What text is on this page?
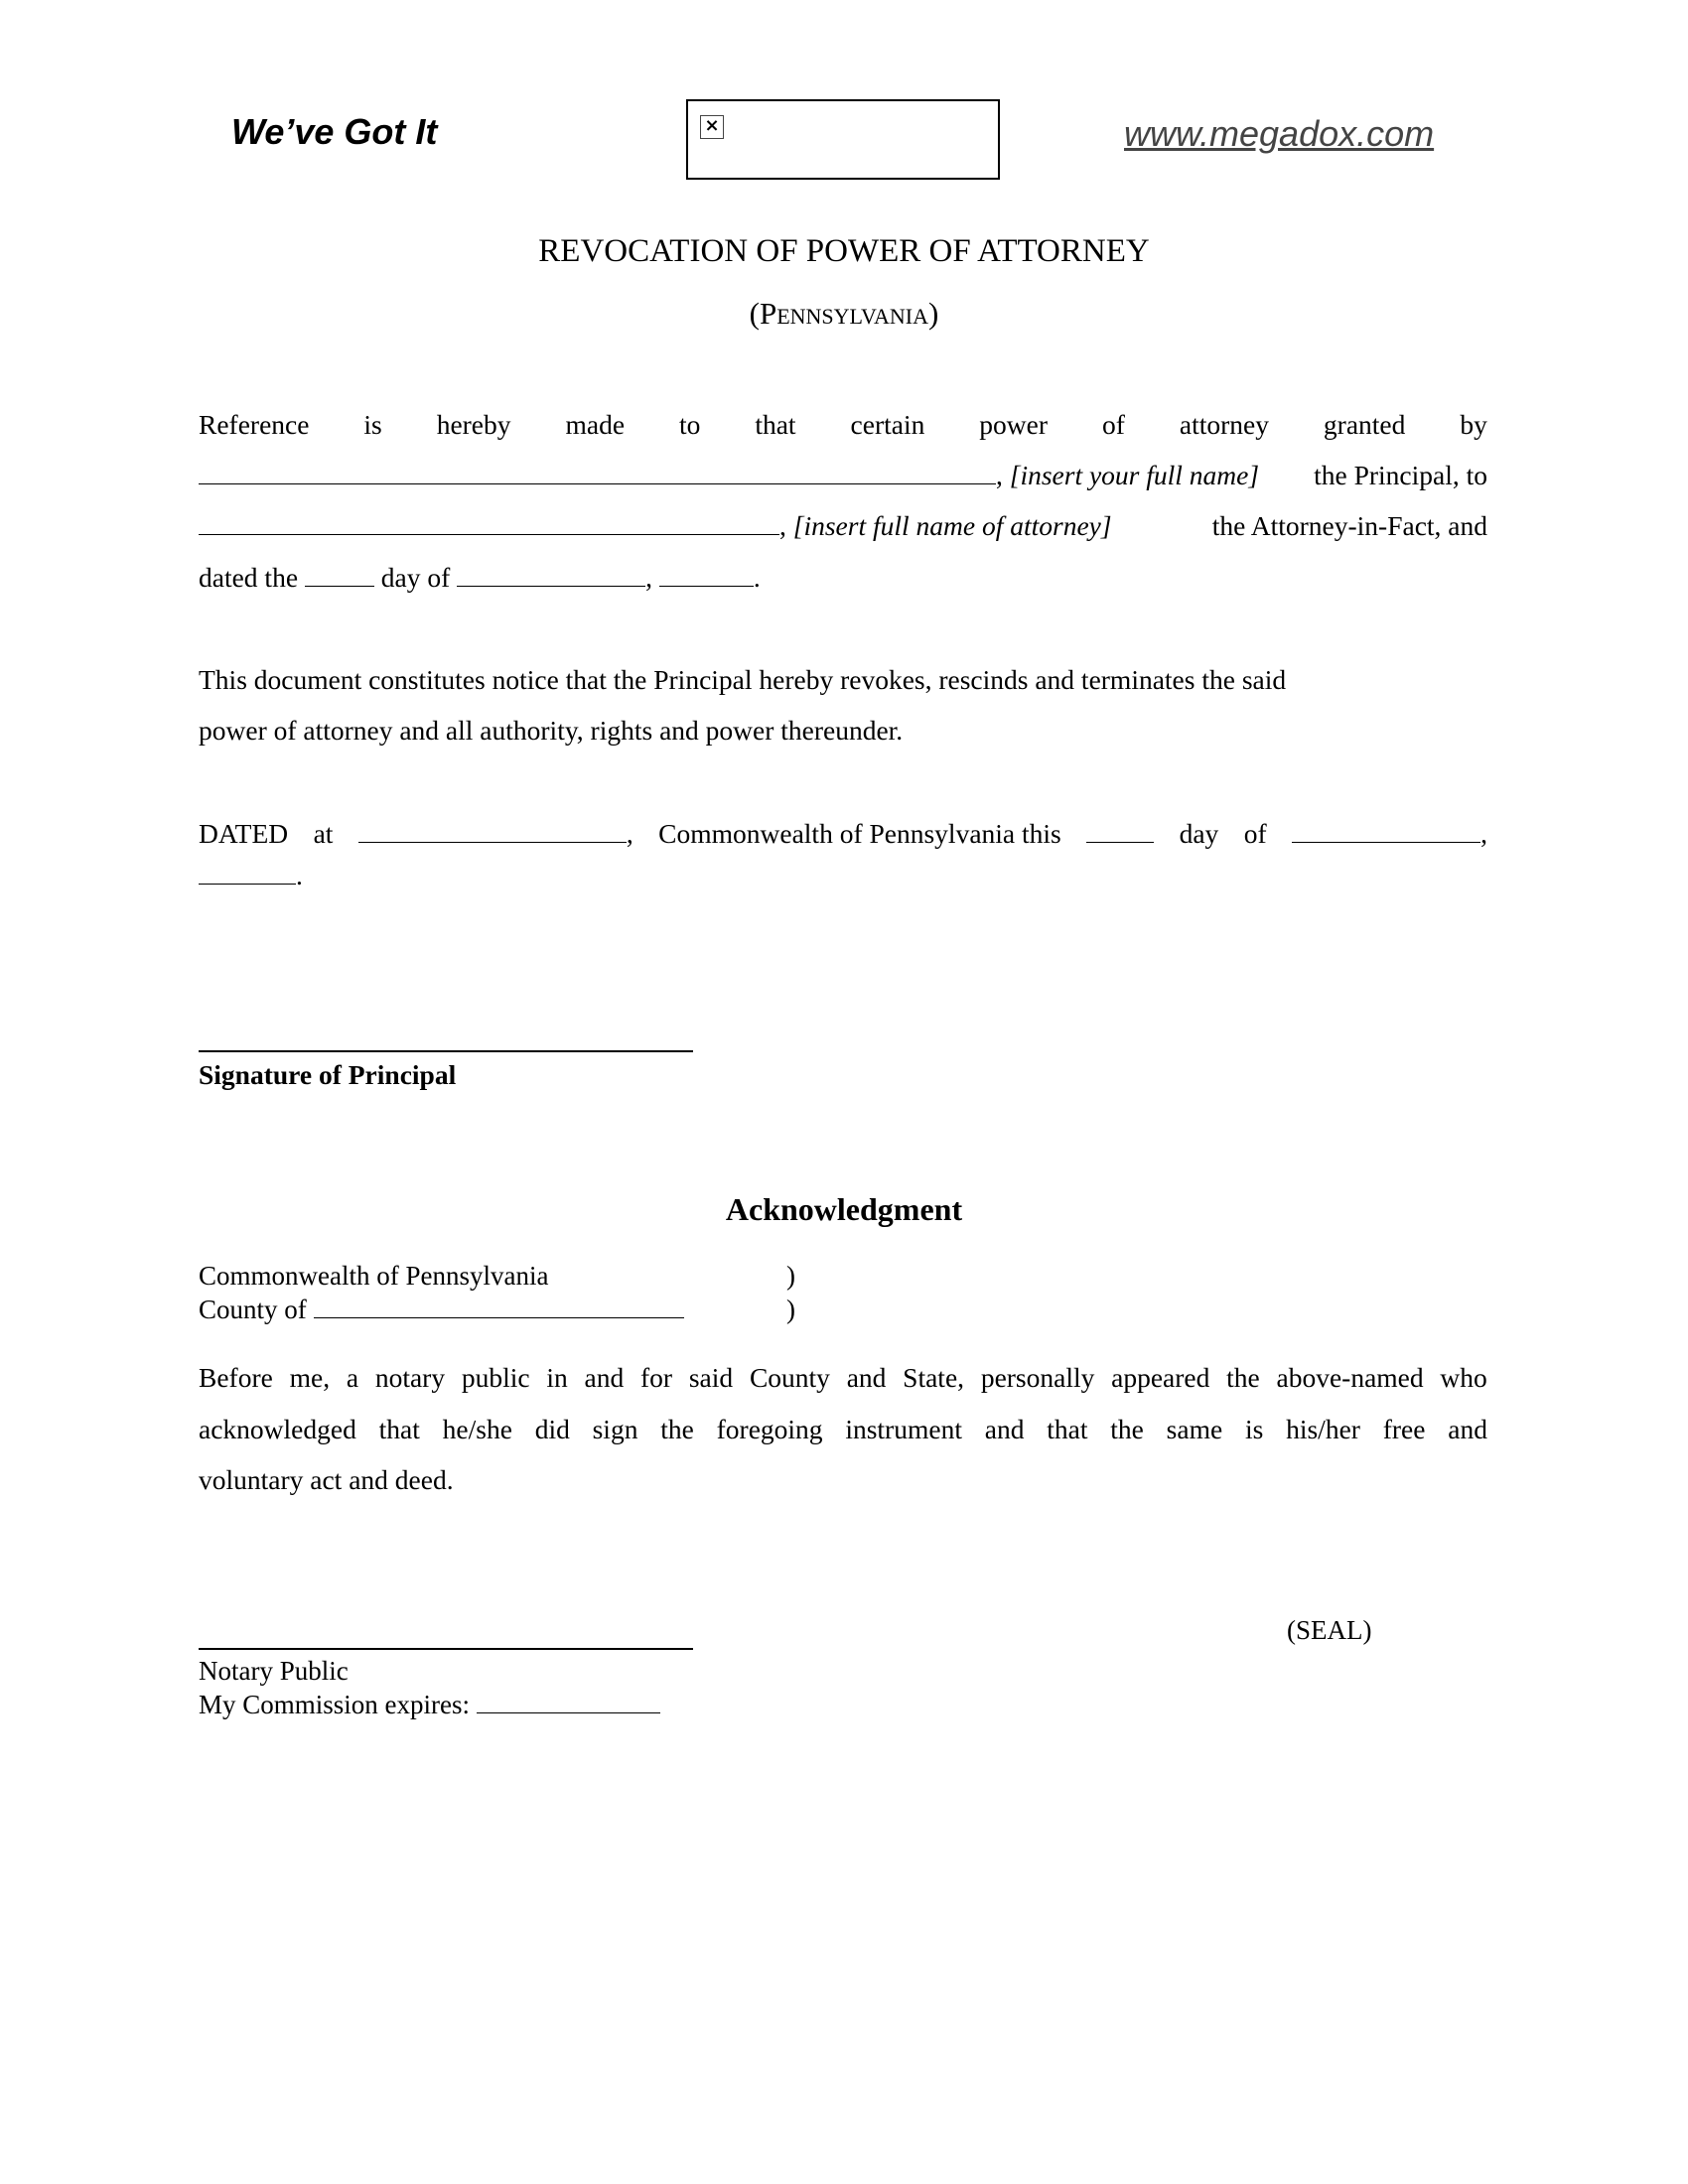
We’ve Got It	×	www.megadox.com
REVOCATION OF POWER OF ATTORNEY
(Pennsylvania)
Reference is hereby made to that certain power of attorney granted by
, [insert your full name] the Principal, to
, [insert full name of attorney]	the Attorney-in-Fact, and
dated the	day of	,	.
This document constitutes notice that the Principal hereby revokes, rescinds and terminates the said
power of attorney and all authority, rights and power thereunder.
DATED at	, Commonwealth of Pennsylvania this	day of	,
.
Signature of Principal
Acknowledgment
Commonwealth of Pennsylvania	)
County of	)
Before me, a notary public in and for said County and State, personally appeared the above-named who
acknowledged that he/she did sign the foregoing instrument and that the same is his/her free and
voluntary act and deed.
(SEAL)
Notary Public
My Commission expires:
